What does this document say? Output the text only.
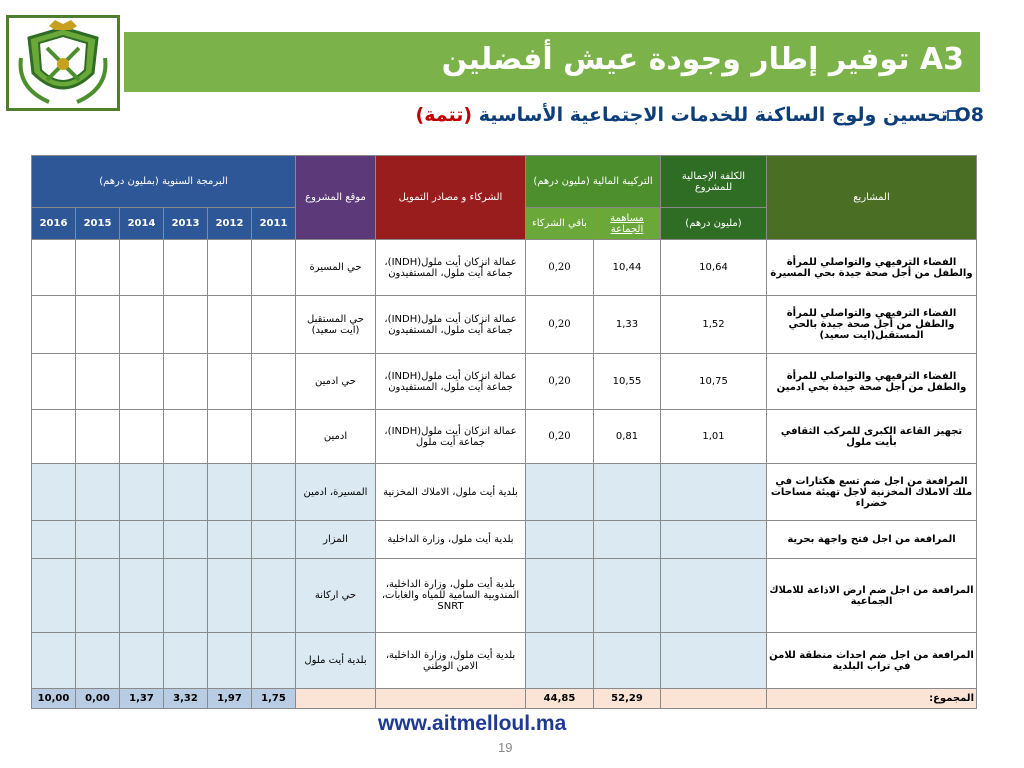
A3 توفير إطار وجودة عيش أفضلين
O8 تحسين ولوج الساكنة للخدمات الاجتماعية الأساسية (تتمة)
البرمجة السنوية (بمليون درهم)						موقع المشروع	الشركاء و مصادر التمويل	التركيبة المالية (مليون درهم)		الكلفة الإجمالية للمشروع	المشاريع
2016	2015	2014	2013	2012	2011			باقي الشركاء	مساهمة الجماعة	(مليون درهم)	
						حي المسيرة	عمالة انزكان أيت ملول(INDH)، جماعة أيت ملول، المستفيدون	0,20	10,44	10,64	الفضاء الترفيهي والتواصلي للمرأة والطفل من أجل صحة جيدة بحي المسيرة
						حي المستقبل (ايت سعيد)	عمالة انزكان أيت ملول(INDH)، جماعة أيت ملول، المستفيدون	0,20	1,33	1,52	الفضاء الترفيهي والتواصلي للمرأة والطفل من أجل صحة جيدة بالحي المستقبل(ايت سعيد)
						حي ادمين	عمالة انزكان أيت ملول(INDH)، جماعة أيت ملول، المستفيدون	0,20	10,55	10,75	الفضاء الترفيهي والتواصلي للمرأة والطفل من أجل صحة جيدة بحي ادمين
						ادمين	عمالة انزكان أيت ملول(INDH)، جماعة أيت ملول	0,20	0,81	1,01	تجهيز القاعة الكبرى للمركب الثقافي بأيت ملول
						المسيرة، ادمين	بلدية أيت ملول، الاملاك المخزنية				المرافعة من اجل ضم تسع هكتارات في ملك الاملاك المخزنية لاجل تهيئة مساحات خضراء
						المزار	بلدية أيت ملول، وزارة الداخلية				المرافعة من اجل فتح واجهة بحرية
						حي اركانة	بلدية أيت ملول، وزارة الداخلية، المندوبية السامية للمياه والغابات، SNRT				المرافعة من اجل ضم ارض الاذاعة للاملاك الجماعية
						بلدية أيت ملول	بلدية أيت ملول، وزارة الداخلية، الامن الوطني				المرافعة من اجل ضم احداث منطقة للامن في تراب البلدية
10,00	0,00	1,37	3,32	1,97	1,75			44,85	52,29		المجموع:
www.aitmelloul.ma
19
